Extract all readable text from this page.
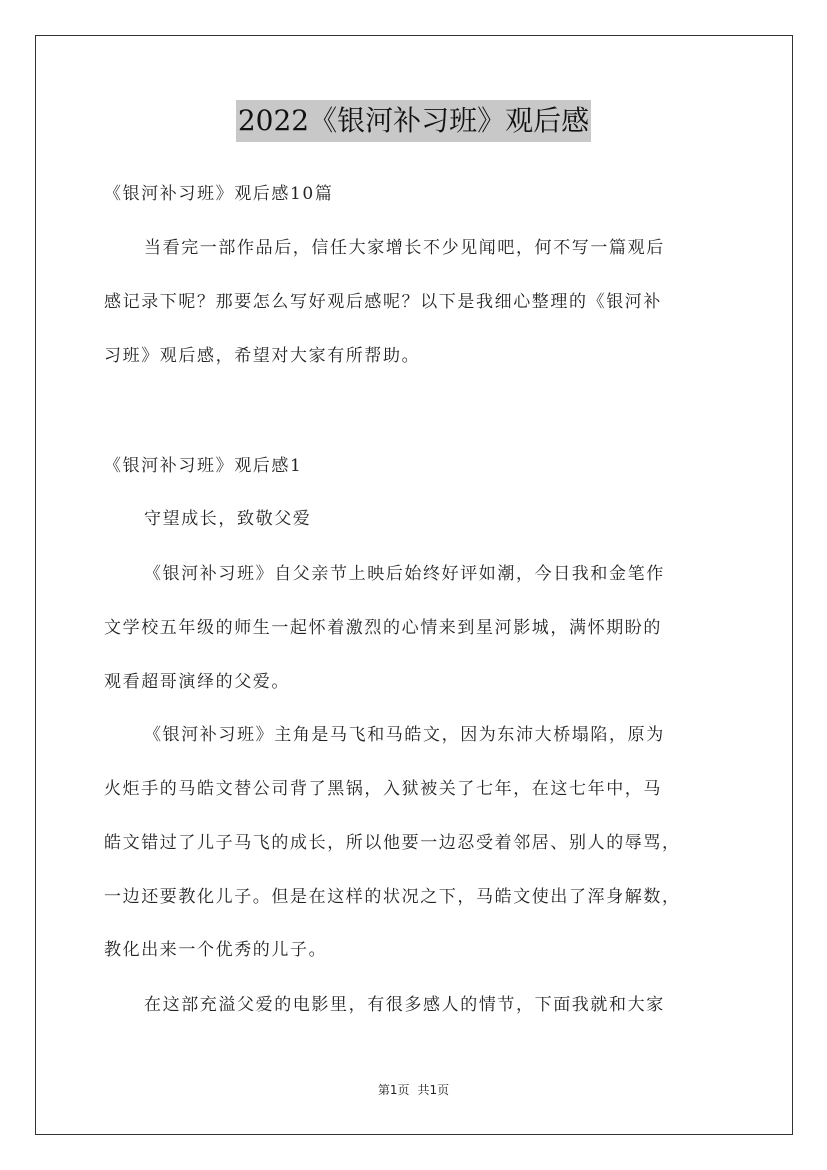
2022《银河补习班》观后感
《银河补习班》观后感10篇
当看完一部作品后，信任大家增长不少见闻吧，何不写一篇观后
感记录下呢？那要怎么写好观后感呢？以下是我细心整理的《银河补
习班》观后感，希望对大家有所帮助。
《银河补习班》观后感1
守望成长，致敬父爱
《银河补习班》自父亲节上映后始终好评如潮，今日我和金笔作
文学校五年级的师生一起怀着激烈的心情来到星河影城，满怀期盼的
观看超哥演绎的父爱。
《银河补习班》主角是马飞和马皓文，因为东沛大桥塌陷，原为
火炬手的马皓文替公司背了黑锅，入狱被关了七年，在这七年中，马
皓文错过了儿子马飞的成长，所以他要一边忍受着邻居、别人的辱骂，
一边还要教化儿子。但是在这样的状况之下，马皓文使出了浑身解数，
教化出来一个优秀的儿子。
在这部充溢父爱的电影里，有很多感人的情节，下面我就和大家
第1页 共1页
